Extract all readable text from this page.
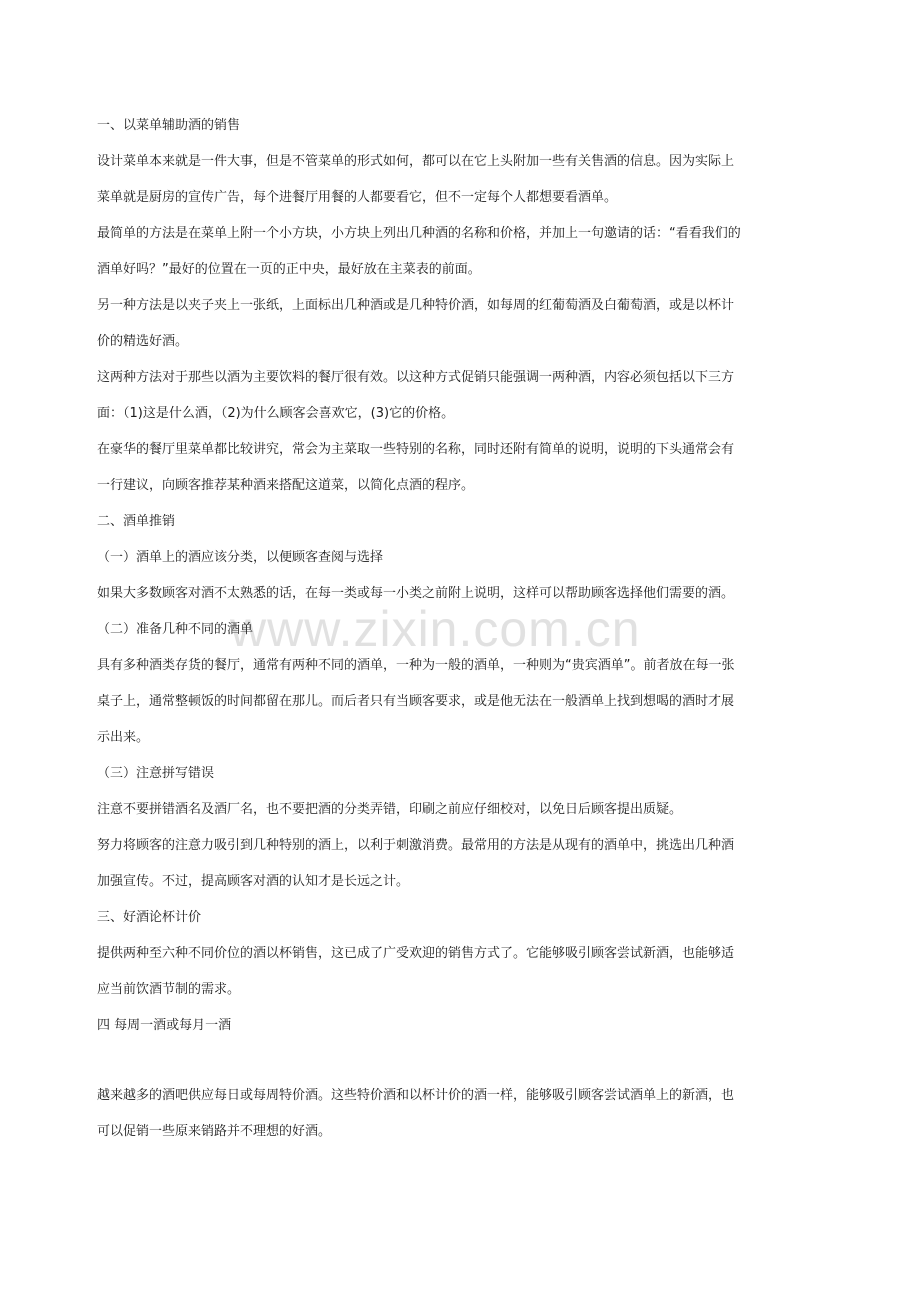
www.zixin.com.cn
一、以菜单辅助酒的销售
设计菜单本来就是一件大事，但是不管菜单的形式如何，都可以在它上头附加一些有关售酒的信息。因为实际上
菜单就是厨房的宣传广告，每个进餐厅用餐的人都要看它，但不一定每个人都想要看酒单。
最简单的方法是在菜单上附一个小方块，小方块上列出几种酒的名称和价格，并加上一句邀请的话：“看看我们的
酒单好吗？”最好的位置在一页的正中央，最好放在主菜表的前面。
另一种方法是以夹子夹上一张纸，上面标出几种酒或是几种特价酒，如每周的红葡萄酒及白葡萄酒，或是以杯计
价的精选好酒。
这两种方法对于那些以酒为主要饮料的餐厅很有效。以这种方式促销只能强调一两种酒，内容必须包括以下三方
面：（1)这是什么酒，（2)为什么顾客会喜欢它，(3)它的价格。
在豪华的餐厅里菜单都比较讲究，常会为主菜取一些特别的名称，同时还附有简单的说明，说明的下头通常会有
一行建议，向顾客推荐某种酒来搭配这道菜，以简化点酒的程序。
二、酒单推销
（一）酒单上的酒应该分类，以便顾客查阅与选择
如果大多数顾客对酒不太熟悉的话，在每一类或每一小类之前附上说明，这样可以帮助顾客选择他们需要的酒。
（二）准备几种不同的酒单
具有多种酒类存货的餐厅，通常有两种不同的酒单，一种为一般的酒单，一种则为“贵宾酒单”。前者放在每一张
桌子上，通常整顿饭的时间都留在那儿。而后者只有当顾客要求，或是他无法在一般酒单上找到想喝的酒时才展
示出来。
（三）注意拼写错误
注意不要拼错酒名及酒厂名，也不要把酒的分类弄错，印刷之前应仔细校对，以免日后顾客提出质疑。
努力将顾客的注意力吸引到几种特别的酒上，以利于刺激消费。最常用的方法是从现有的酒单中，挑选出几种酒
加强宣传。不过，提高顾客对酒的认知才是长远之计。
三、好酒论杯计价
提供两种至六种不同价位的酒以杯销售，这已成了广受欢迎的销售方式了。它能够吸引顾客尝试新酒，也能够适
应当前饮酒节制的需求。
四 每周一酒或每月一酒
越来越多的酒吧供应每日或每周特价酒。这些特价酒和以杯计价的酒一样，能够吸引顾客尝试酒单上的新酒，也
可以促销一些原来销路并不理想的好酒。
